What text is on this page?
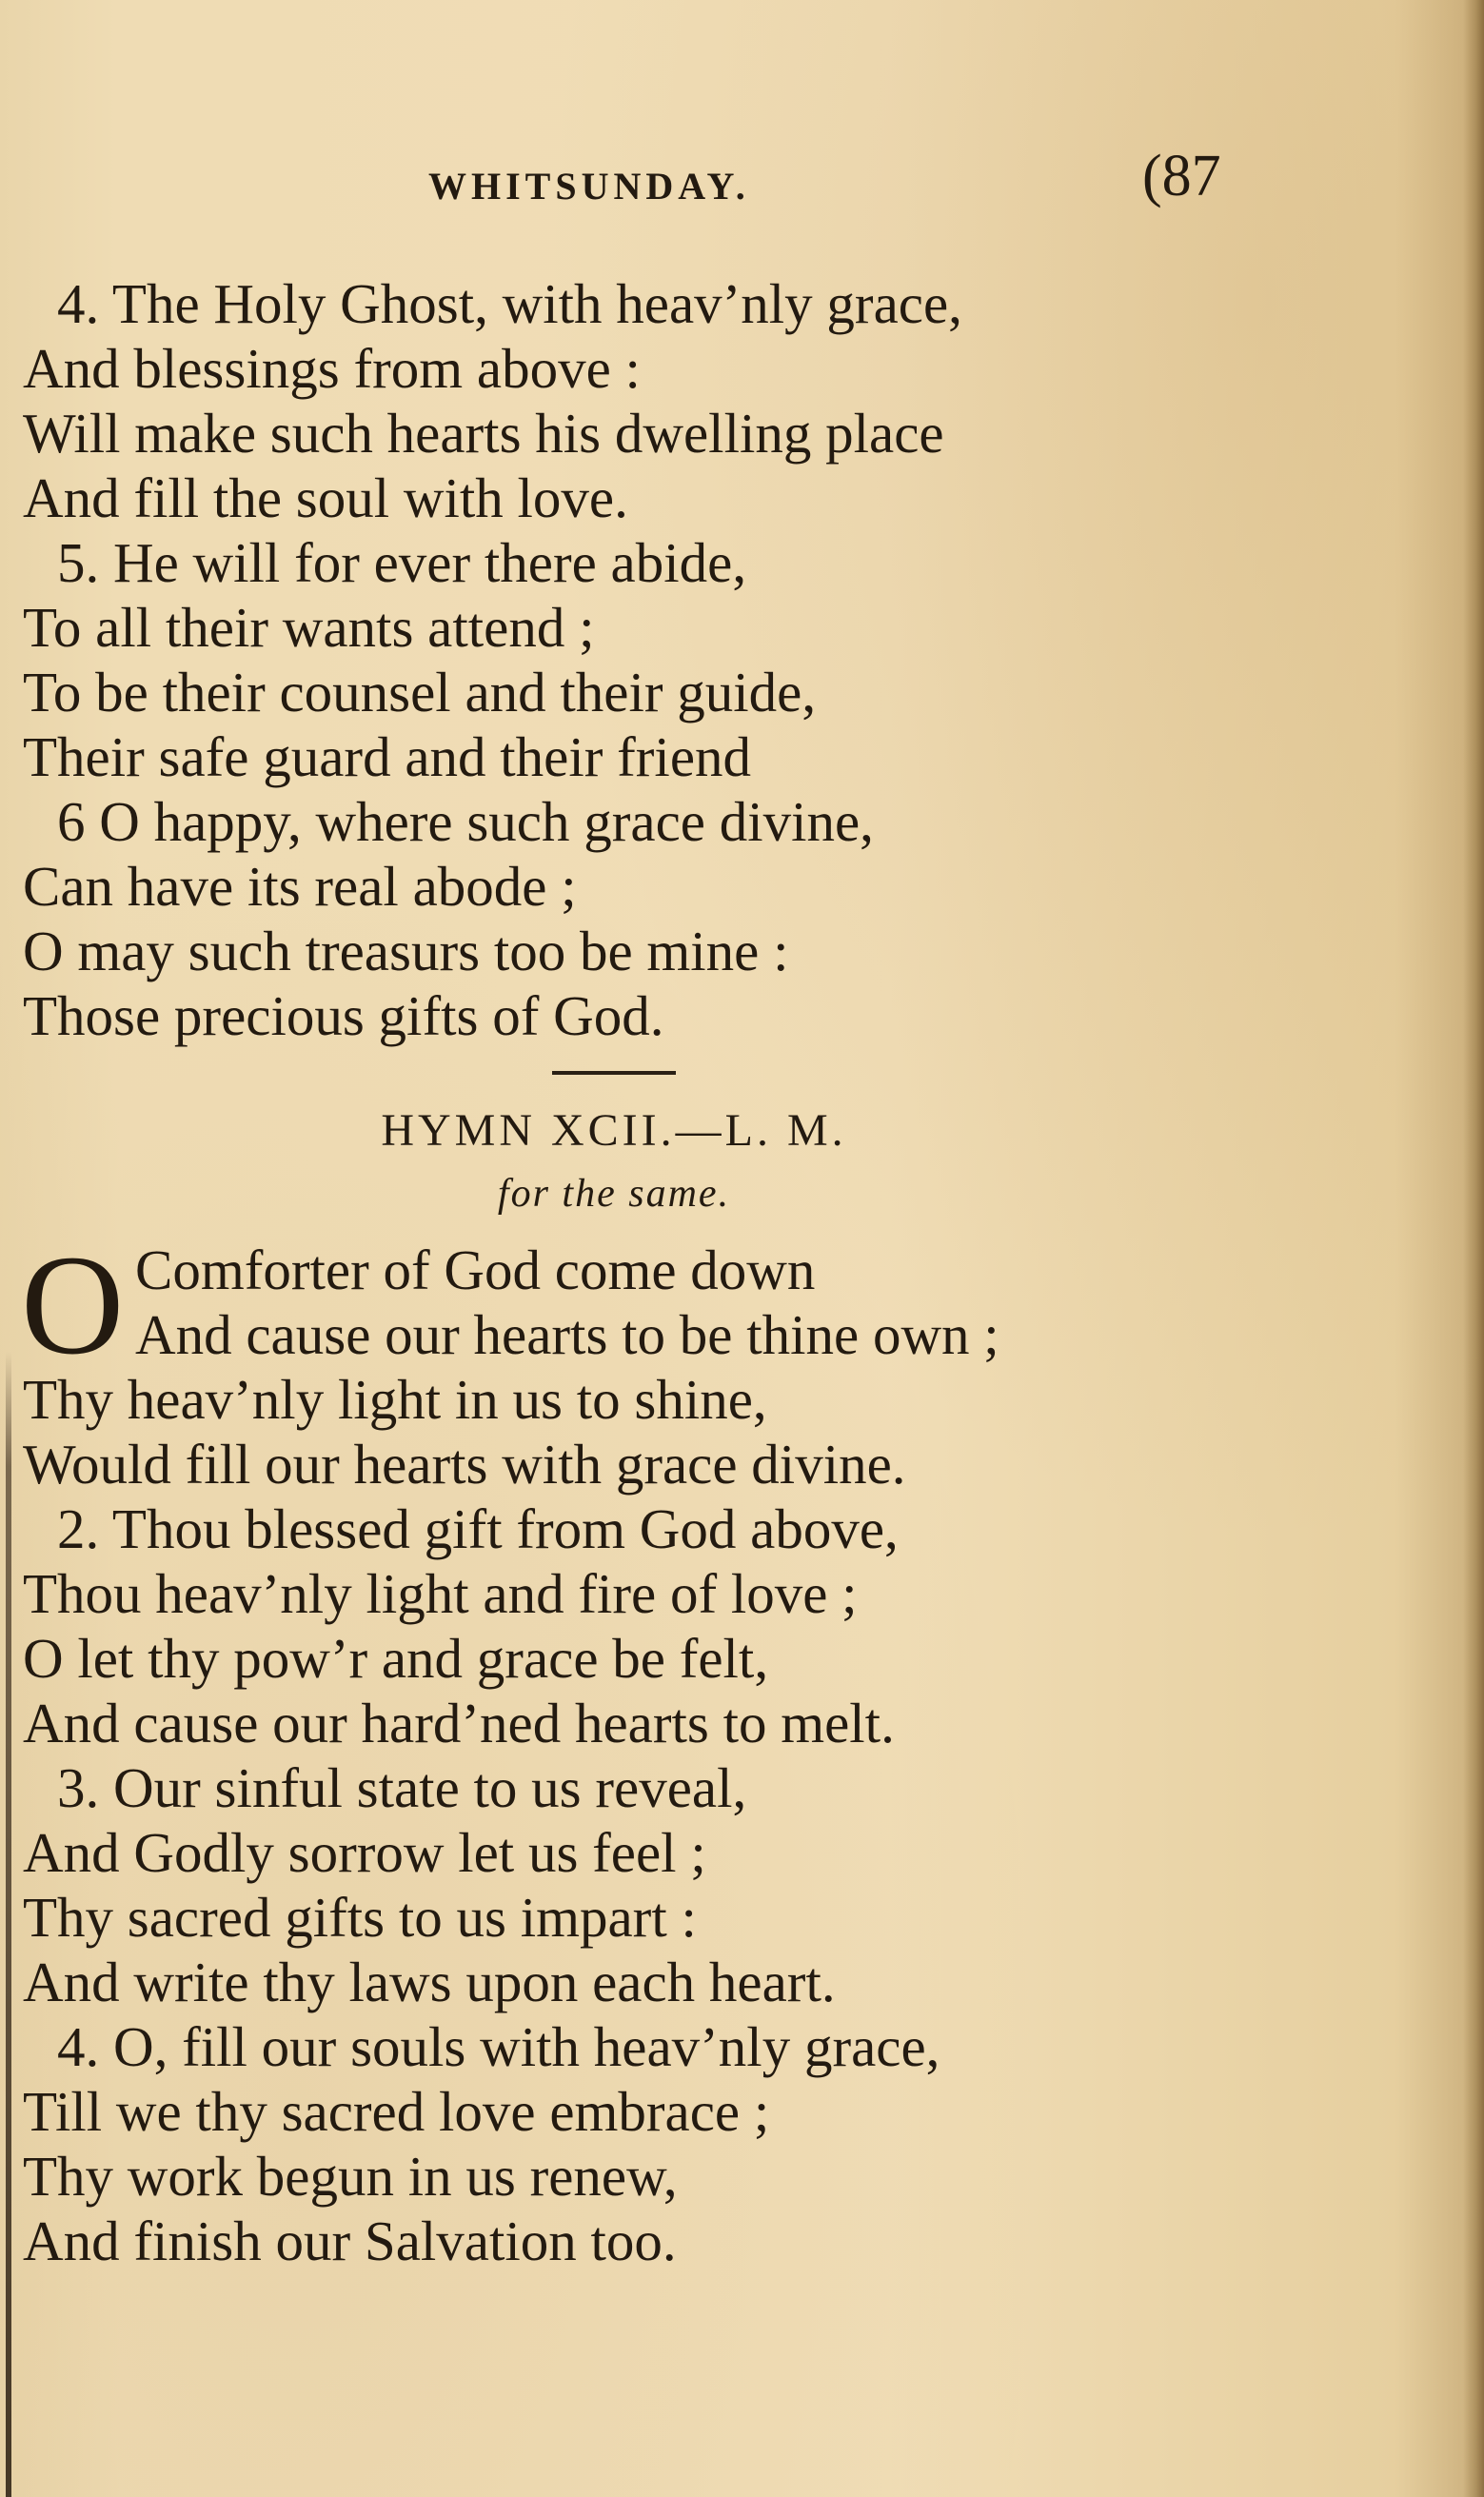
WHITSUNDAY.	(87
4. The Holy Ghost, with heav’nly grace,
And blessings from above :
Will make such hearts his dwelling place
And fill the soul with love.
5. He will for ever there abide,
To all their wants attend ;
To be their counsel and their guide,
Their safe guard and their friend
6 O happy, where such grace divine,
Can have its real abode ;
O may such treasurs too be mine :
Those precious gifts of God.
HYMN XCII.—L. M.
for the same.
O Comforter of God come down
And cause our hearts to be thine own ;
Thy heav’nly light in us to shine,
Would fill our hearts with grace divine.
2. Thou blessed gift from God above,
Thou heav’nly light and fire of love ;
O let thy pow’r and grace be felt,
And cause our hard’ned hearts to melt.
3. Our sinful state to us reveal,
And Godly sorrow let us feel ;
Thy sacred gifts to us impart :
And write thy laws upon each heart.
4. O, fill our souls with heav’nly grace,
Till we thy sacred love embrace ;
Thy work begun in us renew,
And finish our Salvation too.
